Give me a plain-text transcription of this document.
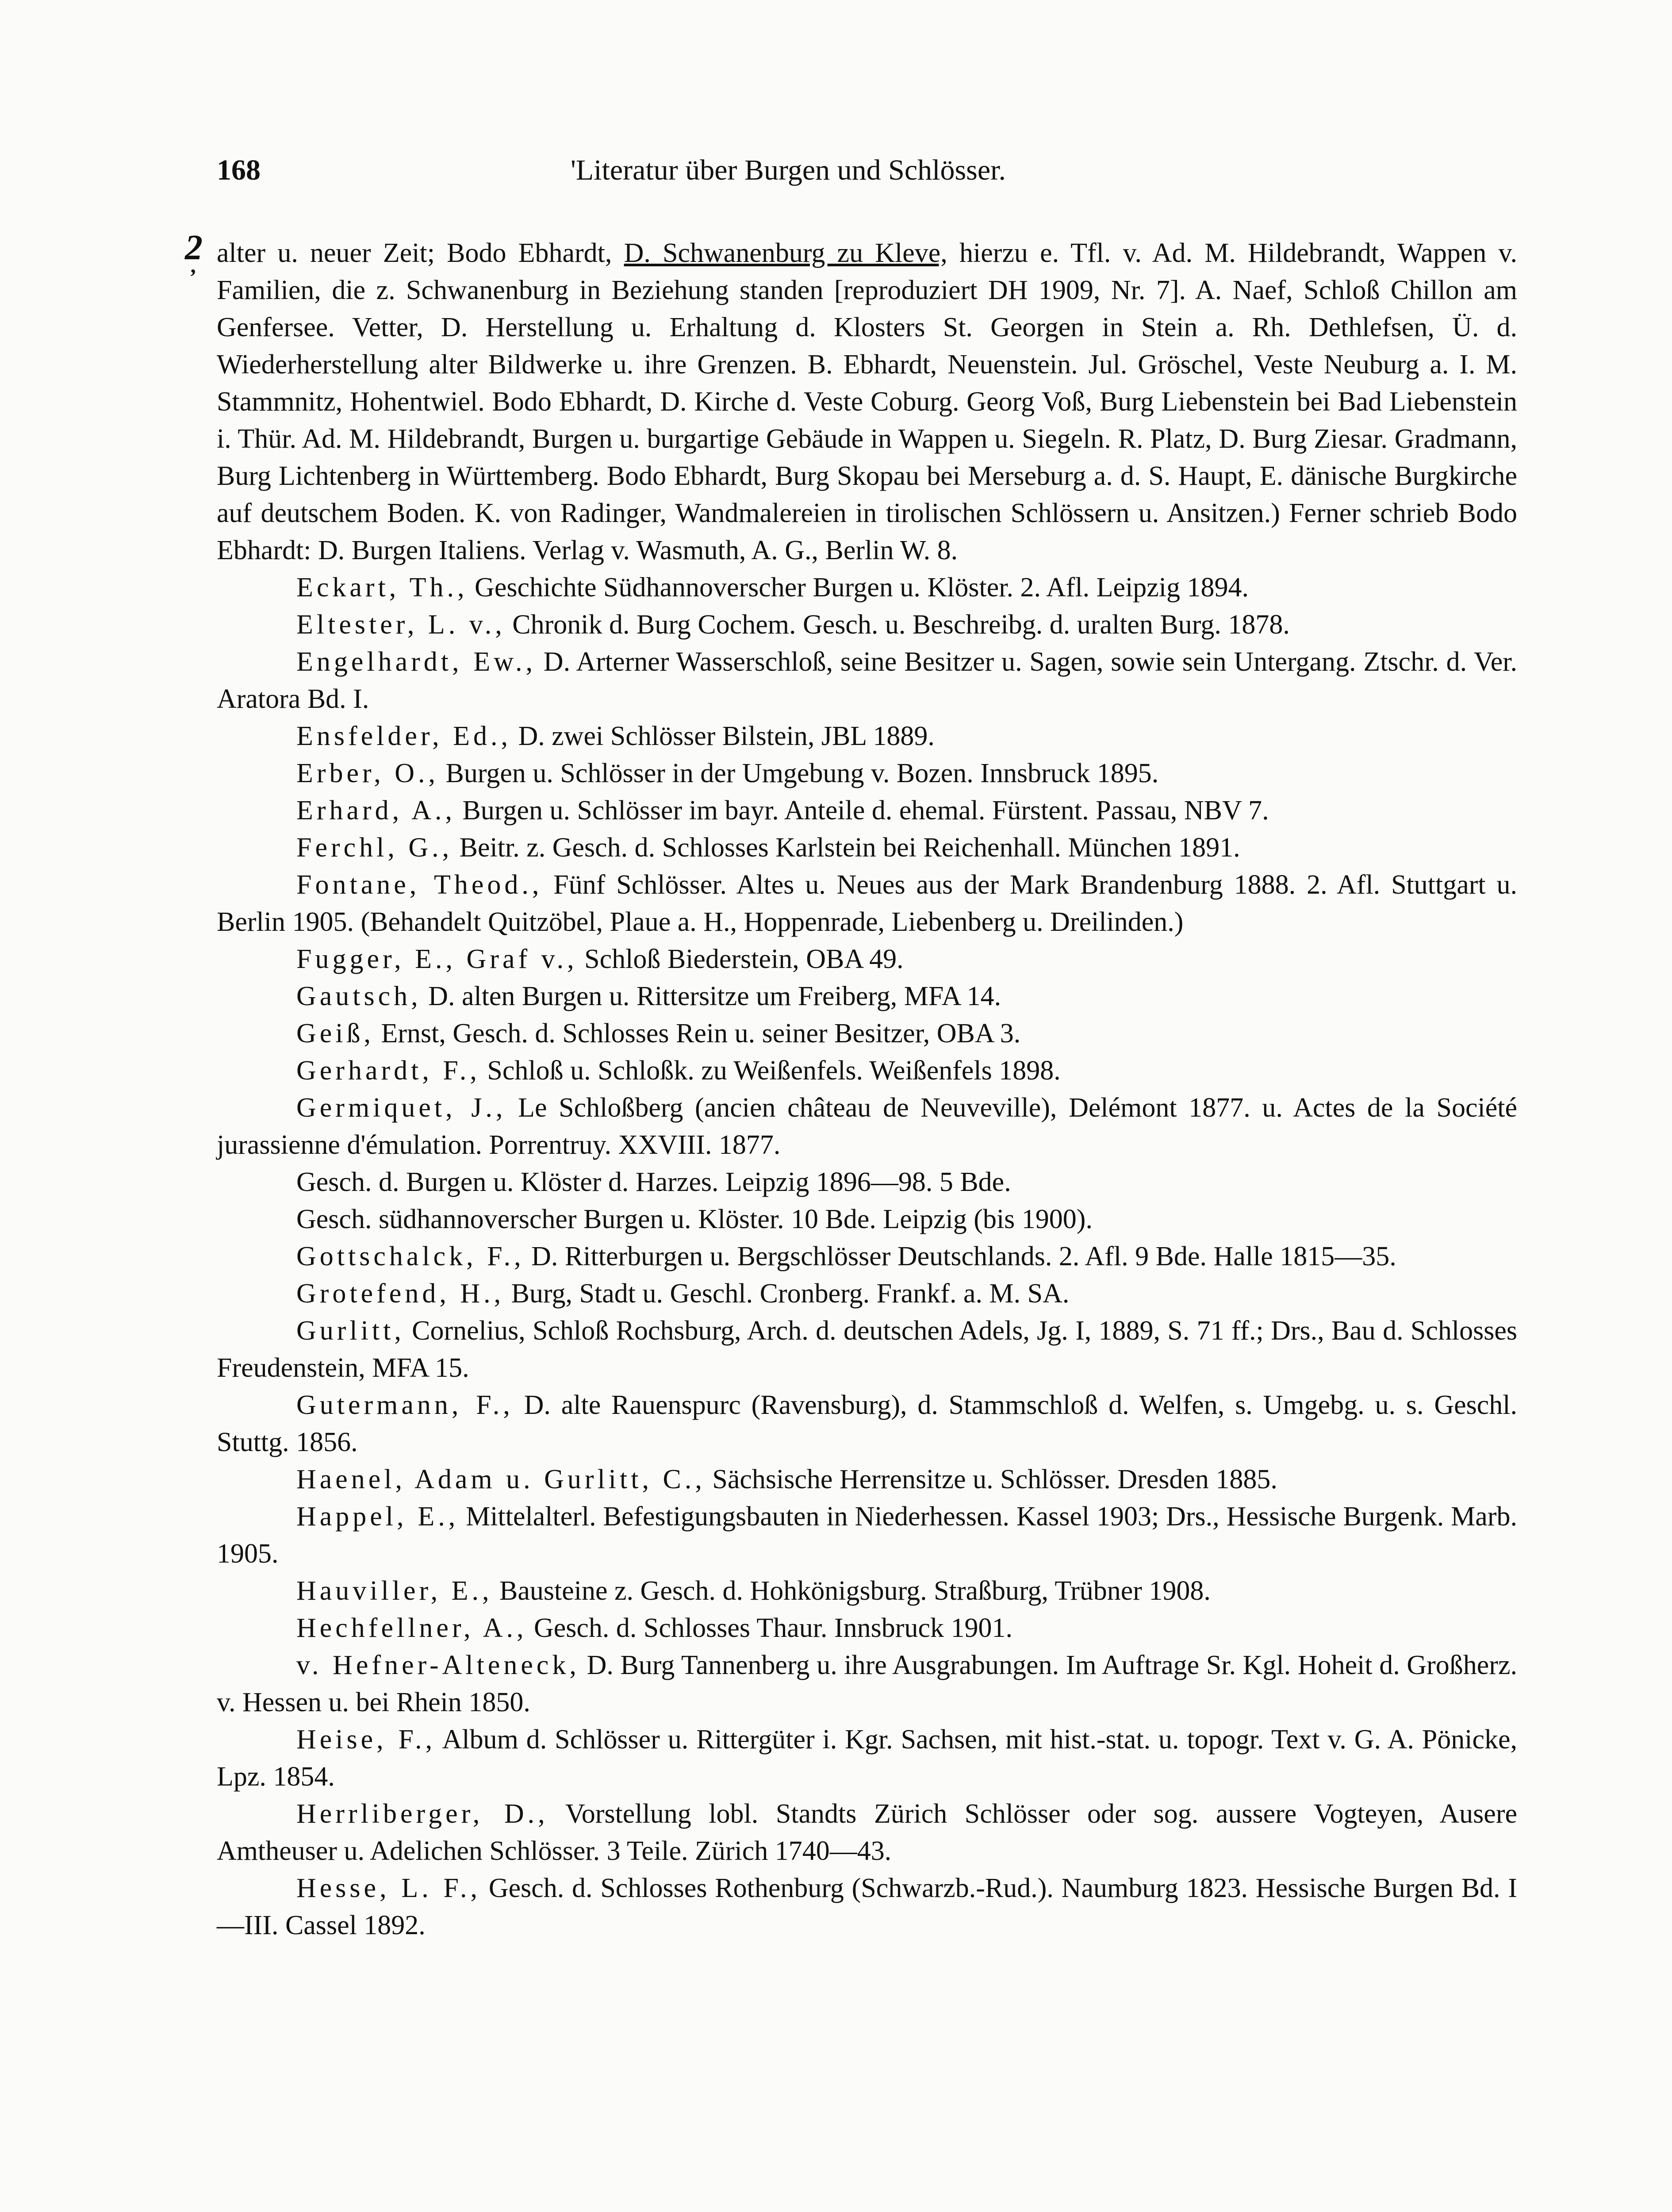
168	'Literatur über Burgen und Schlösser.
2
ʼ

alter u. neuer Zeit; Bodo Ebhardt, D. Schwanenburg zu Kleve, hierzu e. Tfl. v. Ad. M. Hildebrandt, Wappen v. Familien, die z. Schwanenburg in Beziehung standen [reproduziert DH 1909, Nr. 7]. A. Naef, Schloß Chillon am Genfersee. Vetter, D. Herstellung u. Erhaltung d. Klosters St. Georgen in Stein a. Rh. Dethlefsen, Ü. d. Wiederherstellung alter Bildwerke u. ihre Grenzen. B. Ebhardt, Neuenstein. Jul. Gröschel, Veste Neuburg a. I. M. Stammnitz, Hohentwiel. Bodo Ebhardt, D. Kirche d. Veste Coburg. Georg Voß, Burg Liebenstein bei Bad Liebenstein i. Thür. Ad. M. Hildebrandt, Burgen u. burgartige Gebäude in Wappen u. Siegeln. R. Platz, D. Burg Ziesar. Gradmann, Burg Lichtenberg in Württemberg. Bodo Ebhardt, Burg Skopau bei Merseburg a. d. S. Haupt, E. dänische Burgkirche auf deutschem Boden. K. von Radinger, Wandmalereien in tirolischen Schlössern u. Ansitzen.) Ferner schrieb Bodo Ebhardt: D. Burgen Italiens. Verlag v. Wasmuth, A. G., Berlin W. 8.

Eckart, Th., Geschichte Südhannoverscher Burgen u. Klöster. 2. Afl. Leipzig 1894.

Eltester, L. v., Chronik d. Burg Cochem. Gesch. u. Beschreibg. d. uralten Burg. 1878.

Engelhardt, Ew., D. Arterner Wasserschloß, seine Besitzer u. Sagen, sowie sein Untergang. Ztschr. d. Ver. Aratora Bd. I.

Ensfelder, Ed., D. zwei Schlösser Bilstein, JBL 1889.

Erber, O., Burgen u. Schlösser in der Umgebung v. Bozen. Innsbruck 1895.

Erhard, A., Burgen u. Schlösser im bayr. Anteile d. ehemal. Fürstent. Passau, NBV 7.

Ferchl, G., Beitr. z. Gesch. d. Schlosses Karlstein bei Reichenhall. München 1891.

Fontane, Theod., Fünf Schlösser. Altes u. Neues aus der Mark Brandenburg 1888. 2. Afl. Stuttgart u. Berlin 1905. (Behandelt Quitzöbel, Plaue a. H., Hoppenrade, Liebenberg u. Dreilinden.)

Fugger, E., Graf v., Schloß Biederstein, OBA 49.

Gautsch, D. alten Burgen u. Rittersitze um Freiberg, MFA 14.

Geiß, Ernst, Gesch. d. Schlosses Rein u. seiner Besitzer, OBA 3.

Gerhardt, F., Schloß u. Schloßk. zu Weißenfels. Weißenfels 1898.

Germiquet, J., Le Schloßberg (ancien château de Neuveville), Delémont 1877. u. Actes de la Société jurassienne d'émulation. Porrentruy. XXVIII. 1877.

Gesch. d. Burgen u. Klöster d. Harzes. Leipzig 1896—98. 5 Bde.

Gesch. südhannoverscher Burgen u. Klöster. 10 Bde. Leipzig (bis 1900).

Gottschalck, F., D. Ritterburgen u. Bergschlösser Deutschlands. 2. Afl. 9 Bde. Halle 1815—35.

Grotefend, H., Burg, Stadt u. Geschl. Cronberg. Frankf. a. M. SA.

Gurlitt, Cornelius, Schloß Rochsburg, Arch. d. deutschen Adels, Jg. I, 1889, S. 71 ff.; Drs., Bau d. Schlosses Freudenstein, MFA 15.

Gutermann, F., D. alte Rauenspurc (Ravensburg), d. Stammschloß d. Welfen, s. Umgebg. u. s. Geschl. Stuttg. 1856.

Haenel, Adam u. Gurlitt, C., Sächsische Herrensitze u. Schlösser. Dresden 1885.

Happel, E., Mittelalterl. Befestigungsbauten in Niederhessen. Kassel 1903; Drs., Hessische Burgenk. Marb. 1905.

Hauviller, E., Bausteine z. Gesch. d. Hohkönigsburg. Straßburg, Trübner 1908.

Hechfellner, A., Gesch. d. Schlosses Thaur. Innsbruck 1901.

v. Hefner-Alteneck, D. Burg Tannenberg u. ihre Ausgrabungen. Im Auftrage Sr. Kgl. Hoheit d. Großherz. v. Hessen u. bei Rhein 1850.

Heise, F., Album d. Schlösser u. Rittergüter i. Kgr. Sachsen, mit hist.-stat. u. topogr. Text v. G. A. Pönicke, Lpz. 1854.

Herrliberger, D., Vorstellung lobl. Standts Zürich Schlösser oder sog. aussere Vogteyen, Ausere Amtheuser u. Adelichen Schlösser. 3 Teile. Zürich 1740—43.

Hesse, L. F., Gesch. d. Schlosses Rothenburg (Schwarzb.-Rud.). Naumburg 1823. Hessische Burgen Bd. I—III. Cassel 1892.
